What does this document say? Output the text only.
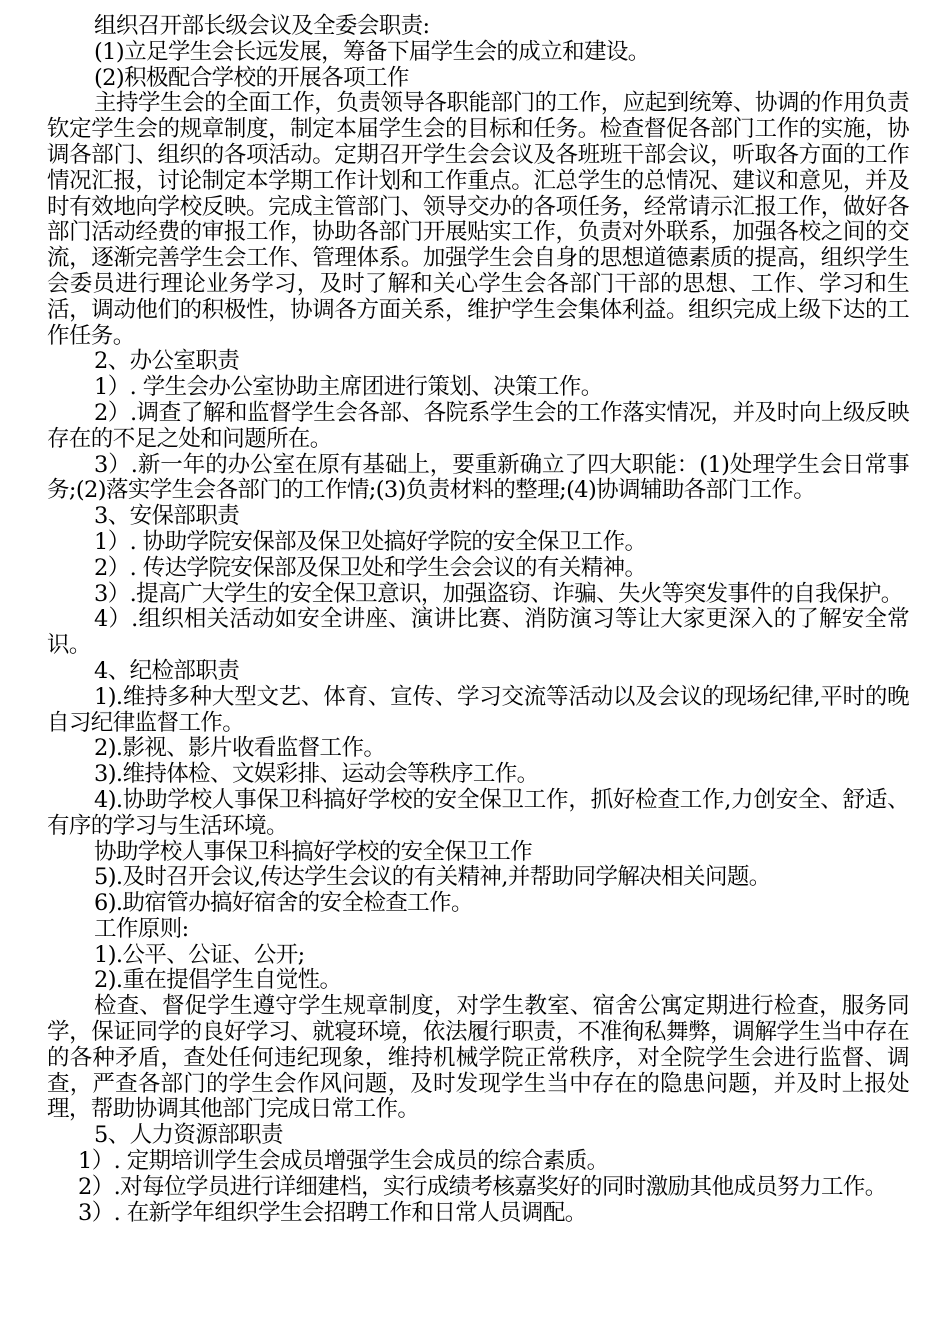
组织召开部长级会议及全委会职责:

(1)立足学生会长远发展，筹备下届学生会的成立和建设。

(2)积极配合学校的开展各项工作

主持学生会的全面工作，负责领导各职能部门的工作，应起到统筹、协调的作用负责钦定学生会的规章制度，制定本届学生会的目标和任务。检查督促各部门工作的实施，协调各部门、组织的各项活动。定期召开学生会会议及各班班干部会议，听取各方面的工作情况汇报，讨论制定本学期工作计划和工作重点。汇总学生的总情况、建议和意见，并及时有效地向学校反映。完成主管部门、领导交办的各项任务，经常请示汇报工作，做好各部门活动经费的审报工作，协助各部门开展贴实工作，负责对外联系，加强各校之间的交流，逐渐完善学生会工作、管理体系。加强学生会自身的思想道德素质的提高，组织学生会委员进行理论业务学习，及时了解和关心学生会各部门干部的思想、工作、学习和生活，调动他们的积极性，协调各方面关系，维护学生会集体利益。组织完成上级下达的工作任务。

2、办公室职责

1）. 学生会办公室协助主席团进行策划、决策工作。

2）.调查了解和监督学生会各部、各院系学生会的工作落实情况，并及时向上级反映存在的不足之处和问题所在。

3）.新一年的办公室在原有基础上，要重新确立了四大职能：(1)处理学生会日常事务;(2)落实学生会各部门的工作情;(3)负责材料的整理;(4)协调辅助各部门工作。

3、安保部职责

1）. 协助学院安保部及保卫处搞好学院的安全保卫工作。

2）. 传达学院安保部及保卫处和学生会会议的有关精神。

3）.提高广大学生的安全保卫意识，加强盗窃、诈骗、失火等突发事件的自我保护。

4）.组织相关活动如安全讲座、演讲比赛、消防演习等让大家更深入的了解安全常识。

4、纪检部职责

1).维持多种大型文艺、体育、宣传、学习交流等活动以及会议的现场纪律,平时的晚自习纪律监督工作。

2).影视、影片收看监督工作。

3).维持体检、文娱彩排、运动会等秩序工作。

4).协助学校人事保卫科搞好学校的安全保卫工作，抓好检查工作,力创安全、舒适、有序的学习与生活环境。

协助学校人事保卫科搞好学校的安全保卫工作

5).及时召开会议,传达学生会议的有关精神,并帮助同学解决相关问题。

6).助宿管办搞好宿舍的安全检查工作。

工作原则:

1).公平、公证、公开;

2).重在提倡学生自觉性。

检查、督促学生遵守学生规章制度，对学生教室、宿舍公寓定期进行检查，服务同学，保证同学的良好学习、就寝环境，依法履行职责，不准徇私舞弊，调解学生当中存在的各种矛盾，查处任何违纪现象，维持机械学院正常秩序，对全院学生会进行监督、调查，严查各部门的学生会作风问题，及时发现学生当中存在的隐患问题，并及时上报处理，帮助协调其他部门完成日常工作。

5、人力资源部职责

1）. 定期培训学生会成员增强学生会成员的综合素质。

2）.对每位学员进行详细建档，实行成绩考核嘉奖好的同时激励其他成员努力工作。

3）. 在新学年组织学生会招聘工作和日常人员调配。
